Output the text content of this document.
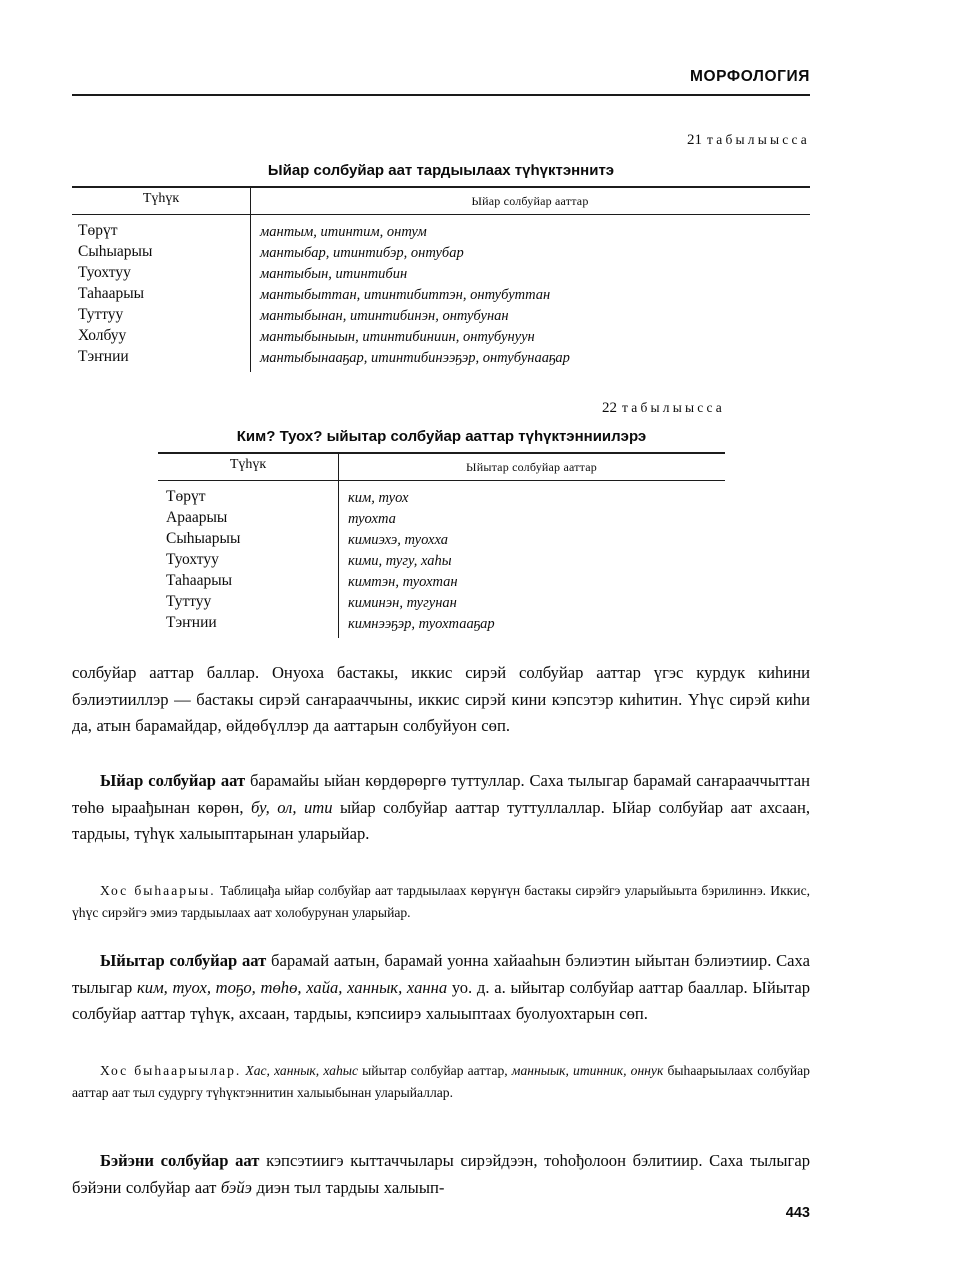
МОРФОЛОГИЯ
21 табылыысса
Ыйар солбуйар аат тардыылаах түһүктэннитэ
Түһүк	Ыйар солбуйар ааттар
Төрүт	мантым, итинтим, онтум
Сыһыарыы	мантыбар, итинтибэр, онтубар
Туохтуу	мантыбын, итинтибин
Таһаарыы	мантыбыттан, итинтибиттэн, онтубуттан
Туттуу	мантыбынан, итинтибинэн, онтубунан
Холбуу	мантыбыныын, итинтибиниин, онтубунуун
Тэҥнии	мантыбынааҕар, итинтибинээҕэр, онтубунааҕар
22 табылыысса
Ким? Туох? ыйытар солбуйар ааттар түһүктэнниилэрэ
Түһүк	Ыйытар солбуйар ааттар
Төрүт	ким, туох
Араарыы	туохта
Сыһыарыы	кимиэхэ, туохха
Туохтуу	кими, тугу, хаһы
Таһаарыы	кимтэн, туохтан
Туттуу	киминэн, тугунан
Тэҥнии	кимнээҕэр, туохтааҕар
солбуйар ааттар баллар. Онуоха бастакы, иккис сирэй солбуйар ааттар үгэс курдук киһини бэлиэтииллэр — бастакы сирэй саҥарааччыны, иккис сирэй кини кэпсэтэр киһитин. Үһүс сирэй киһи да, атын барамайдар, өйдөбүллэр да ааттарын солбуйуон сөп.
Ыйар солбуйар аат барамайы ыйан көрдөрөргө туттуллар. Саха тылыгар барамай саҥарааччыттан төһө ыраађынан көрөн, бу, ол, ити ыйар солбуйар ааттар туттуллаллар. Ыйар солбуйар аат ахсаан, тардыы, түһүк халыыптарынан уларыйар.
Хос быһаарыы. Таблицађа ыйар солбуйар аат тардыылаах көрүҥүн бастакы сирэйгэ уларыйыыта бэрилиннэ. Иккис, үһүс сирэйгэ эмиэ тардыылаах аат холобурунан уларыйар.
Ыйытар солбуйар аат барамай аатын, барамай уонна хайааһын бэлиэтин ыйытан бэлиэтиир. Саха тылыгар ким, туох, тоҕо, төһө, хайа, ханнык, ханна уо. д. а. ыйытар солбуйар ааттар бааллар. Ыйытар солбуйар ааттар түһүк, ахсаан, тардыы, кэпсиирэ халыыптаах буолуохтарын сөп.
Хос быһаарыылар. Хас, ханнык, хаһыс ыйытар солбуйар ааттар, манныык, итинник, оннук быһаарыылаах солбуйар ааттар аат тыл судургу түһүктэннитин халыыбынан уларыйаллар.
Бэйэни солбуйар аат кэпсэтиигэ кыттаччылары сирэйдээн, тоһођолоон бэлитиир. Саха тылыгар бэйэни солбуйар аат бэйэ диэн тыл тардыы халыып-
443
